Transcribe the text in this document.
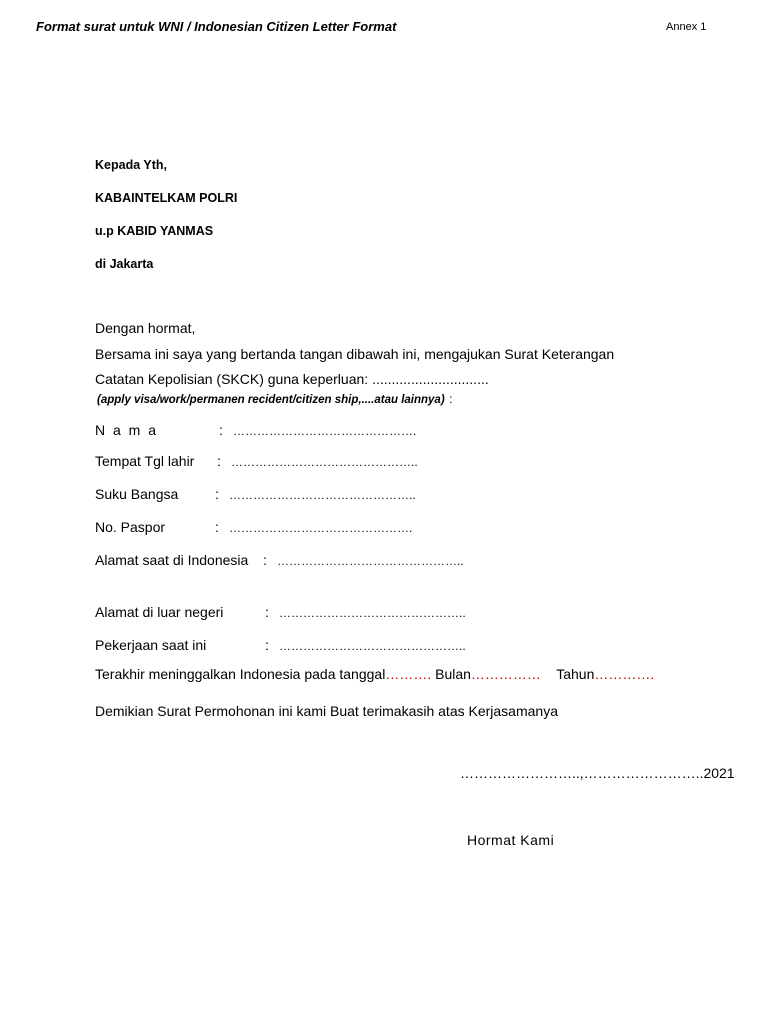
Format surat untuk WNI / Indonesian Citizen Letter Format	Annex 1
Kepada Yth,
KABAINTELKAM POLRI
u.p KABID YANMAS
di Jakarta
Dengan hormat,
Bersama ini saya yang bertanda tangan dibawah ini, mengajukan Surat Keterangan
Catatan Kepolisian (SKCK) guna keperluan: ..............................
(apply visa/work/permanen recident/citizen ship,....atau lainnya) :
N a m a	: ……………………………………….
Tempat Tgl lahir : ………………………………………..
Suku Bangsa	: ………………………………………..
No. Paspor	: ……………………………………….
Alamat saat di Indonesia : ………………………………………..
Alamat di luar negeri	: ………………………………………..
Pekerjaan saat ini	: ………………………………………..
Terakhir meninggalkan Indonesia pada tanggal………. Bulan…………… Tahun………….
Demikian Surat Permohonan ini kami Buat terimakasih atas Kerjasamanya
……………………..,……………………..2021
Hormat Kami
